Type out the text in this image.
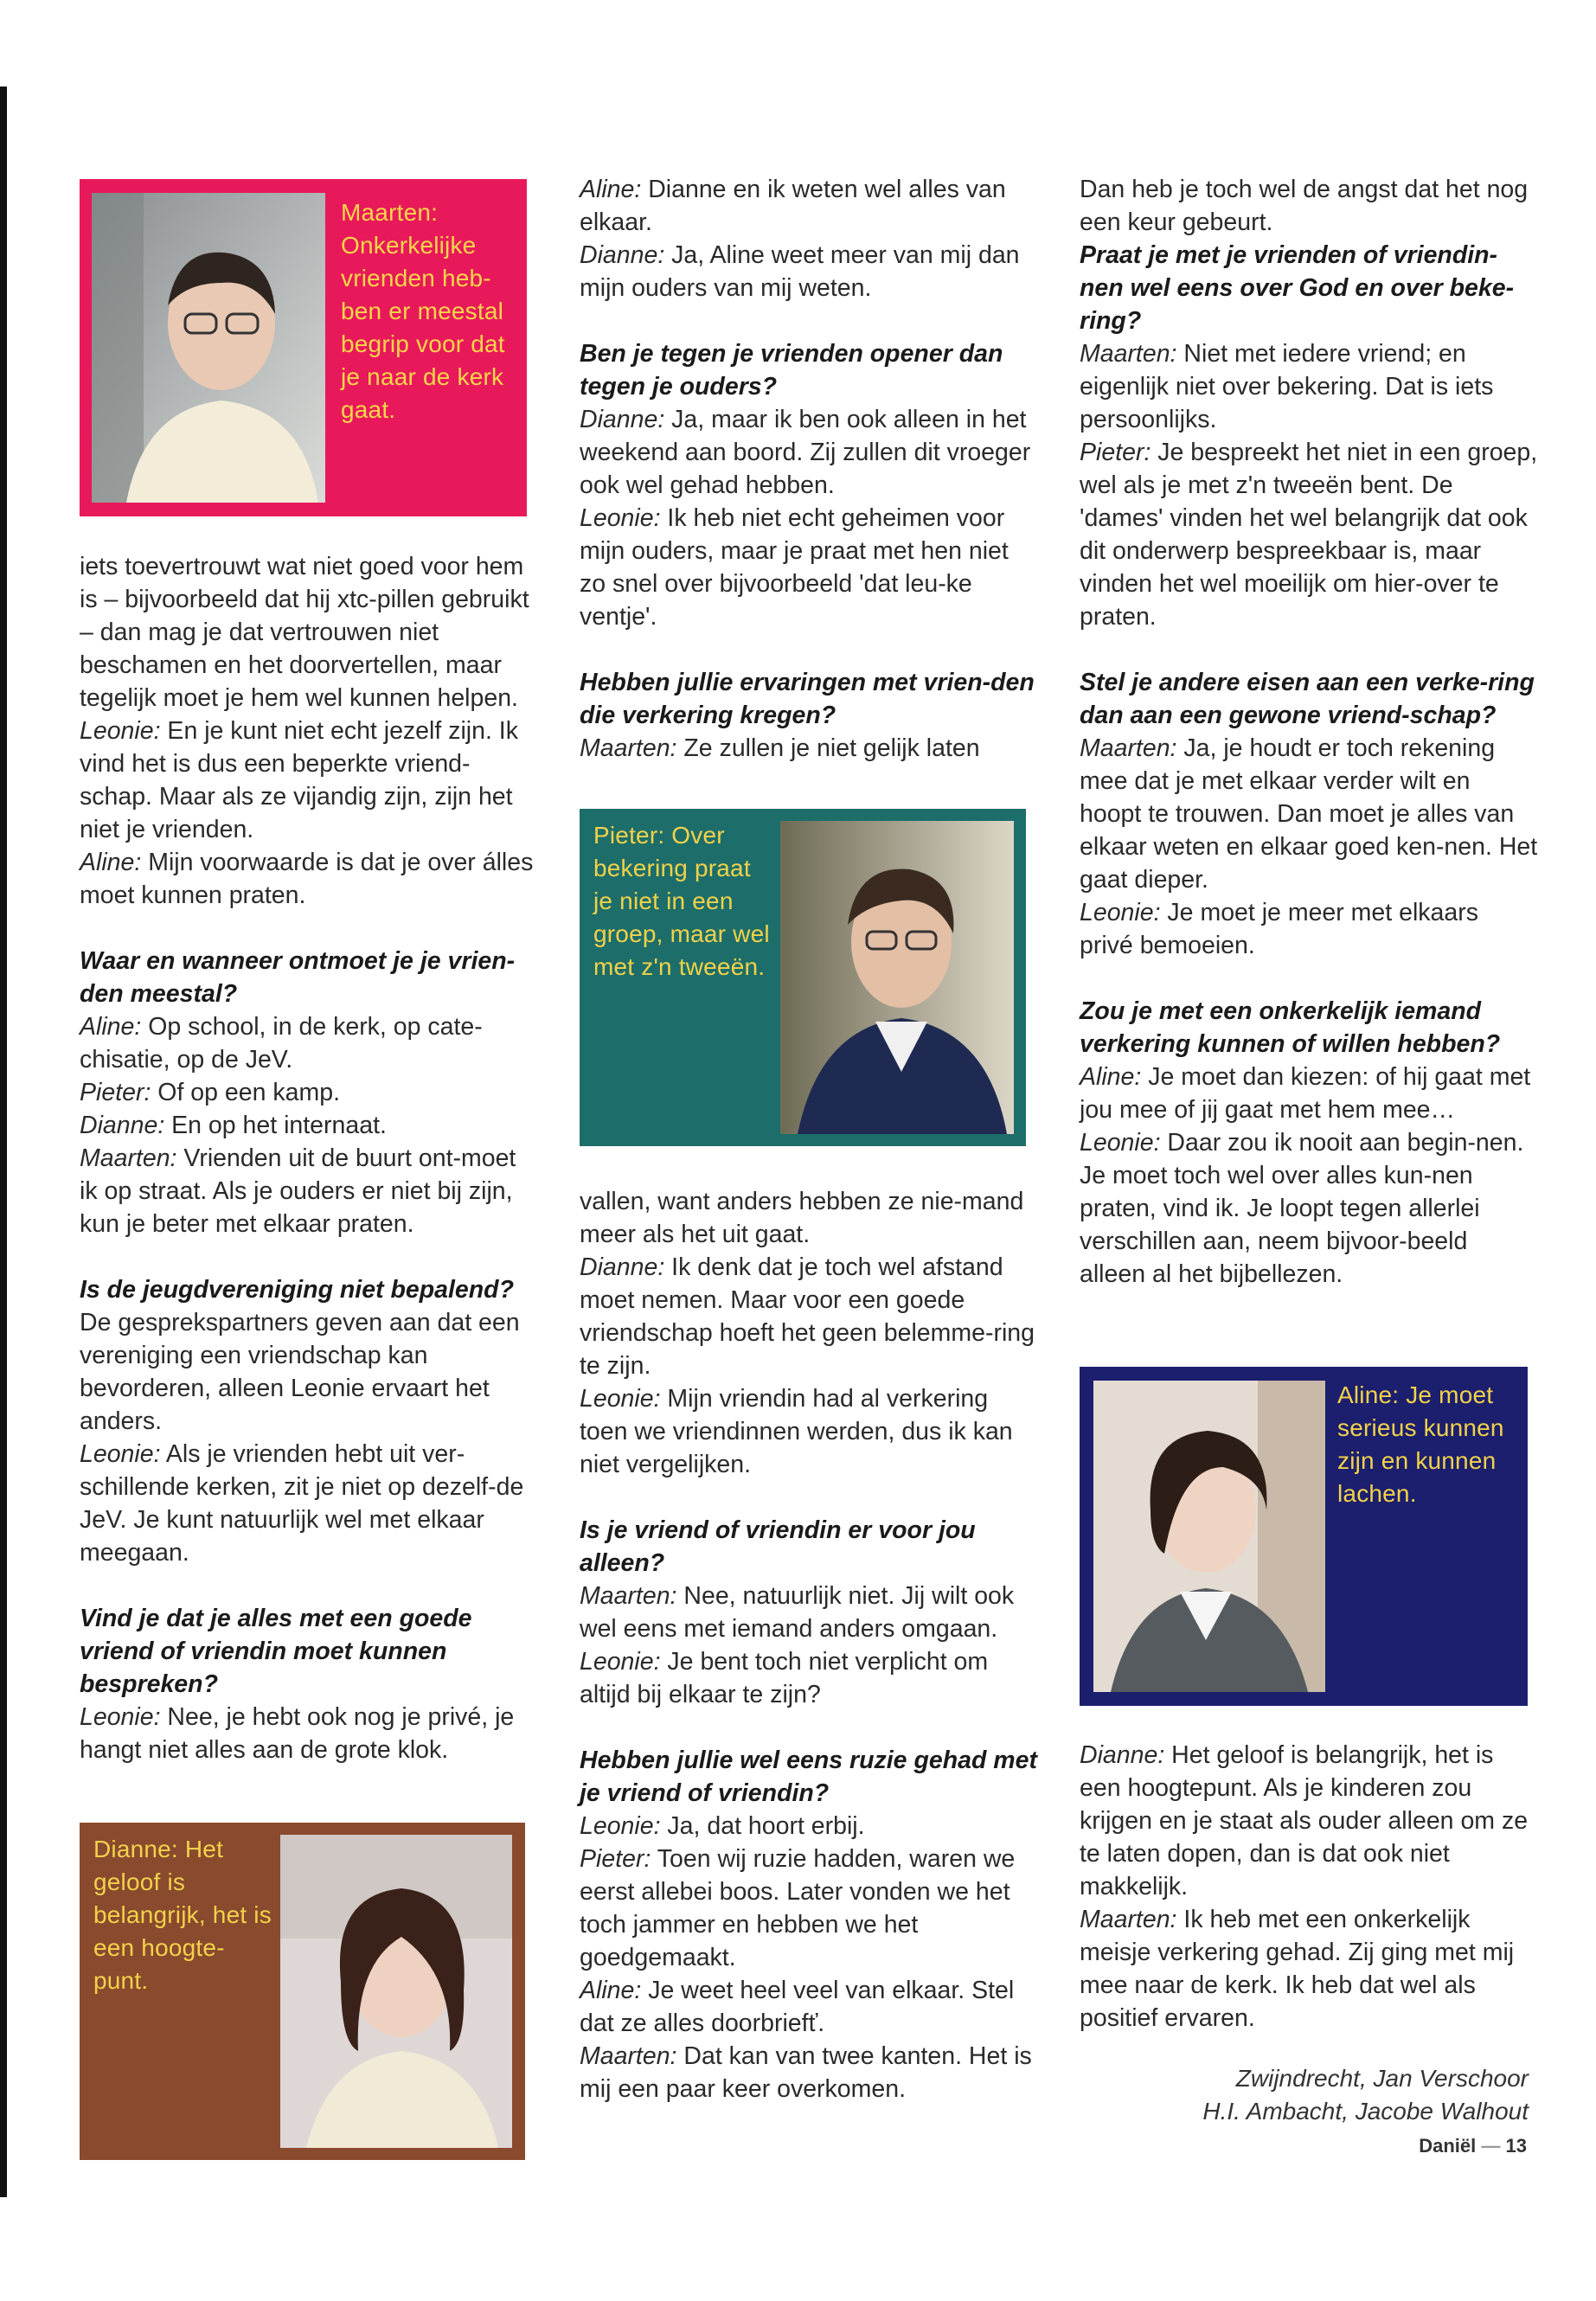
Maarten: Onkerkelijke vrienden heb-ben er meestal begrip voor dat je naar de kerk gaat.
Dianne: Het geloof is belangrijk, het is een hoogte-punt.
Pieter: Over bekering praat je niet in een groep, maar wel met z'n tweeën.
Aline: Je moet serieus kunnen zijn en kunnen lachen.

iets toevertrouwt wat niet goed voor hem is – bijvoorbeeld dat hij xtc-pillen gebruikt – dan mag je dat vertrouwen niet beschamen en het doorvertellen, maar tegelijk moet je hem wel kunnen helpen.

Leonie: En je kunt niet echt jezelf zijn. Ik vind het is dus een beperkte vriend-schap. Maar als ze vijandig zijn, zijn het niet je vrienden.

Aline: Mijn voorwaarde is dat je over álles moet kunnen praten.

Waar en wanneer ontmoet je je vrien-den meestal?

Aline: Op school, in de kerk, op cate-chisatie, op de JeV.

Pieter: Of op een kamp.

Dianne: En op het internaat.

Maarten: Vrienden uit de buurt ont-moet ik op straat. Als je ouders er niet bij zijn, kun je beter met elkaar praten.

Is de jeugdvereniging niet bepalend?

De gesprekspartners geven aan dat een vereniging een vriendschap kan bevorderen, alleen Leonie ervaart het anders.

Leonie: Als je vrienden hebt uit ver-schillende kerken, zit je niet op dezelf-de JeV. Je kunt natuurlijk wel met elkaar meegaan.

Vind je dat je alles met een goede vriend of vriendin moet kunnen bespreken?

Leonie: Nee, je hebt ook nog je privé, je hangt niet alles aan de grote klok.

Aline: Dianne en ik weten wel alles van elkaar.

Dianne: Ja, Aline weet meer van mij dan mijn ouders van mij weten.

Ben je tegen je vrienden opener dan tegen je ouders?

Dianne: Ja, maar ik ben ook alleen in het weekend aan boord. Zij zullen dit vroeger ook wel gehad hebben.

Leonie: Ik heb niet echt geheimen voor mijn ouders, maar je praat met hen niet zo snel over bijvoorbeeld 'dat leu-ke ventje'.

Hebben jullie ervaringen met vrien-den die verkering kregen?

Maarten: Ze zullen je niet gelijk laten

vallen, want anders hebben ze nie-mand meer als het uit gaat.

Dianne: Ik denk dat je toch wel afstand moet nemen. Maar voor een goede vriendschap hoeft het geen belemme-ring te zijn.

Leonie: Mijn vriendin had al verkering toen we vriendinnen werden, dus ik kan niet vergelijken.

Is je vriend of vriendin er voor jou alleen?

Maarten: Nee, natuurlijk niet. Jij wilt ook wel eens met iemand anders omgaan.

Leonie: Je bent toch niet verplicht om altijd bij elkaar te zijn?

Hebben jullie wel eens ruzie gehad met je vriend of vriendin?

Leonie: Ja, dat hoort erbij.

Pieter: Toen wij ruzie hadden, waren we eerst allebei boos. Later vonden we het toch jammer en hebben we het goedgemaakt.

Aline: Je weet heel veel van elkaar. Stel dat ze alles doorbriefť.

Maarten: Dat kan van twee kanten. Het is mij een paar keer overkomen.

Dan heb je toch wel de angst dat het nog een keur gebeurt.

Praat je met je vrienden of vriendin-nen wel eens over God en over beke-ring?

Maarten: Niet met iedere vriend; en eigenlijk niet over bekering. Dat is iets persoonlijks.

Pieter: Je bespreekt het niet in een groep, wel als je met z'n tweeën bent. De 'dames' vinden het wel belangrijk dat ook dit onderwerp bespreekbaar is, maar vinden het wel moeilijk om hier-over te praten.

Stel je andere eisen aan een verke-ring dan aan een gewone vriend-schap?

Maarten: Ja, je houdt er toch rekening mee dat je met elkaar verder wilt en hoopt te trouwen. Dan moet je alles van elkaar weten en elkaar goed ken-nen. Het gaat dieper.

Leonie: Je moet je meer met elkaars privé bemoeien.

Zou je met een onkerkelijk iemand verkering kunnen of willen hebben?

Aline: Je moet dan kiezen: of hij gaat met jou mee of jij gaat met hem mee…

Leonie: Daar zou ik nooit aan begin-nen. Je moet toch wel over alles kun-nen praten, vind ik. Je loopt tegen allerlei verschillen aan, neem bijvoor-beeld alleen al het bijbellezen.

Dianne: Het geloof is belangrijk, het is een hoogtepunt. Als je kinderen zou krijgen en je staat als ouder alleen om ze te laten dopen, dan is dat ook niet makkelijk.

Maarten: Ik heb met een onkerkelijk meisje verkering gehad. Zij ging met mij mee naar de kerk. Ik heb dat wel als positief ervaren.

Zwijndrecht, Jan Verschoor
H.I. Ambacht, Jacobe Walhout
Daniël — 13
